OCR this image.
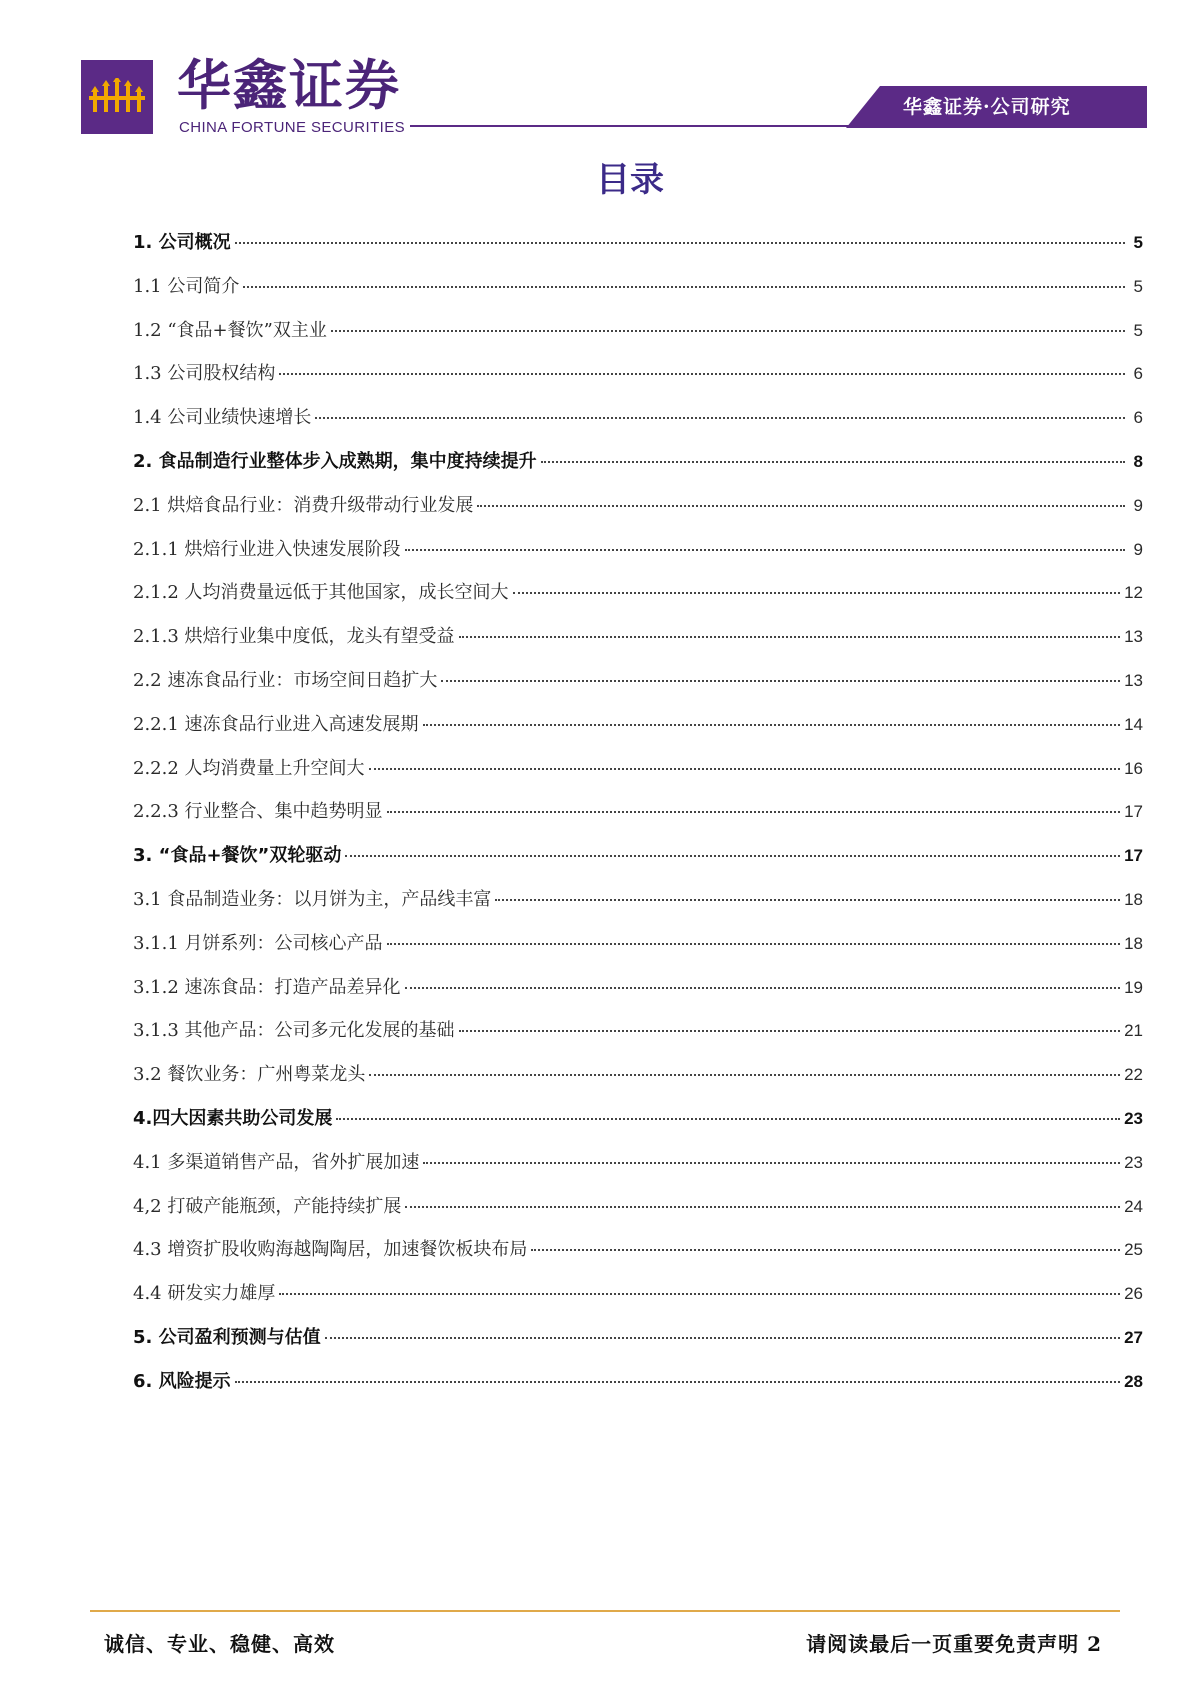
华鑫证券
CHINA FORTUNE SECURITIES
华鑫证券·公司研究
目录
1. 公司概况	5
1.1 公司简介	5
1.2 “食品+餐饮”双主业	5
1.3 公司股权结构	6
1.4 公司业绩快速增长	6
2. 食品制造行业整体步入成熟期，集中度持续提升	8
2.1 烘焙食品行业：消费升级带动行业发展	9
2.1.1 烘焙行业进入快速发展阶段	9
2.1.2 人均消费量远低于其他国家，成长空间大	12
2.1.3 烘焙行业集中度低，龙头有望受益	13
2.2 速冻食品行业：市场空间日趋扩大	13
2.2.1 速冻食品行业进入高速发展期	14
2.2.2 人均消费量上升空间大	16
2.2.3 行业整合、集中趋势明显	17
3. “食品+餐饮”双轮驱动	17
3.1 食品制造业务：以月饼为主，产品线丰富	18
3.1.1 月饼系列：公司核心产品	18
3.1.2 速冻食品：打造产品差异化	19
3.1.3 其他产品：公司多元化发展的基础	21
3.2 餐饮业务：广州粤菜龙头	22
4.四大因素共助公司发展	23
4.1 多渠道销售产品，省外扩展加速	23
4,2 打破产能瓶颈，产能持续扩展	24
4.3 增资扩股收购海越陶陶居，加速餐饮板块布局	25
4.4 研发实力雄厚	26
5. 公司盈利预测与估值	27
6. 风险提示	28
诚信、专业、稳健、高效	请阅读最后一页重要免责声明 2
